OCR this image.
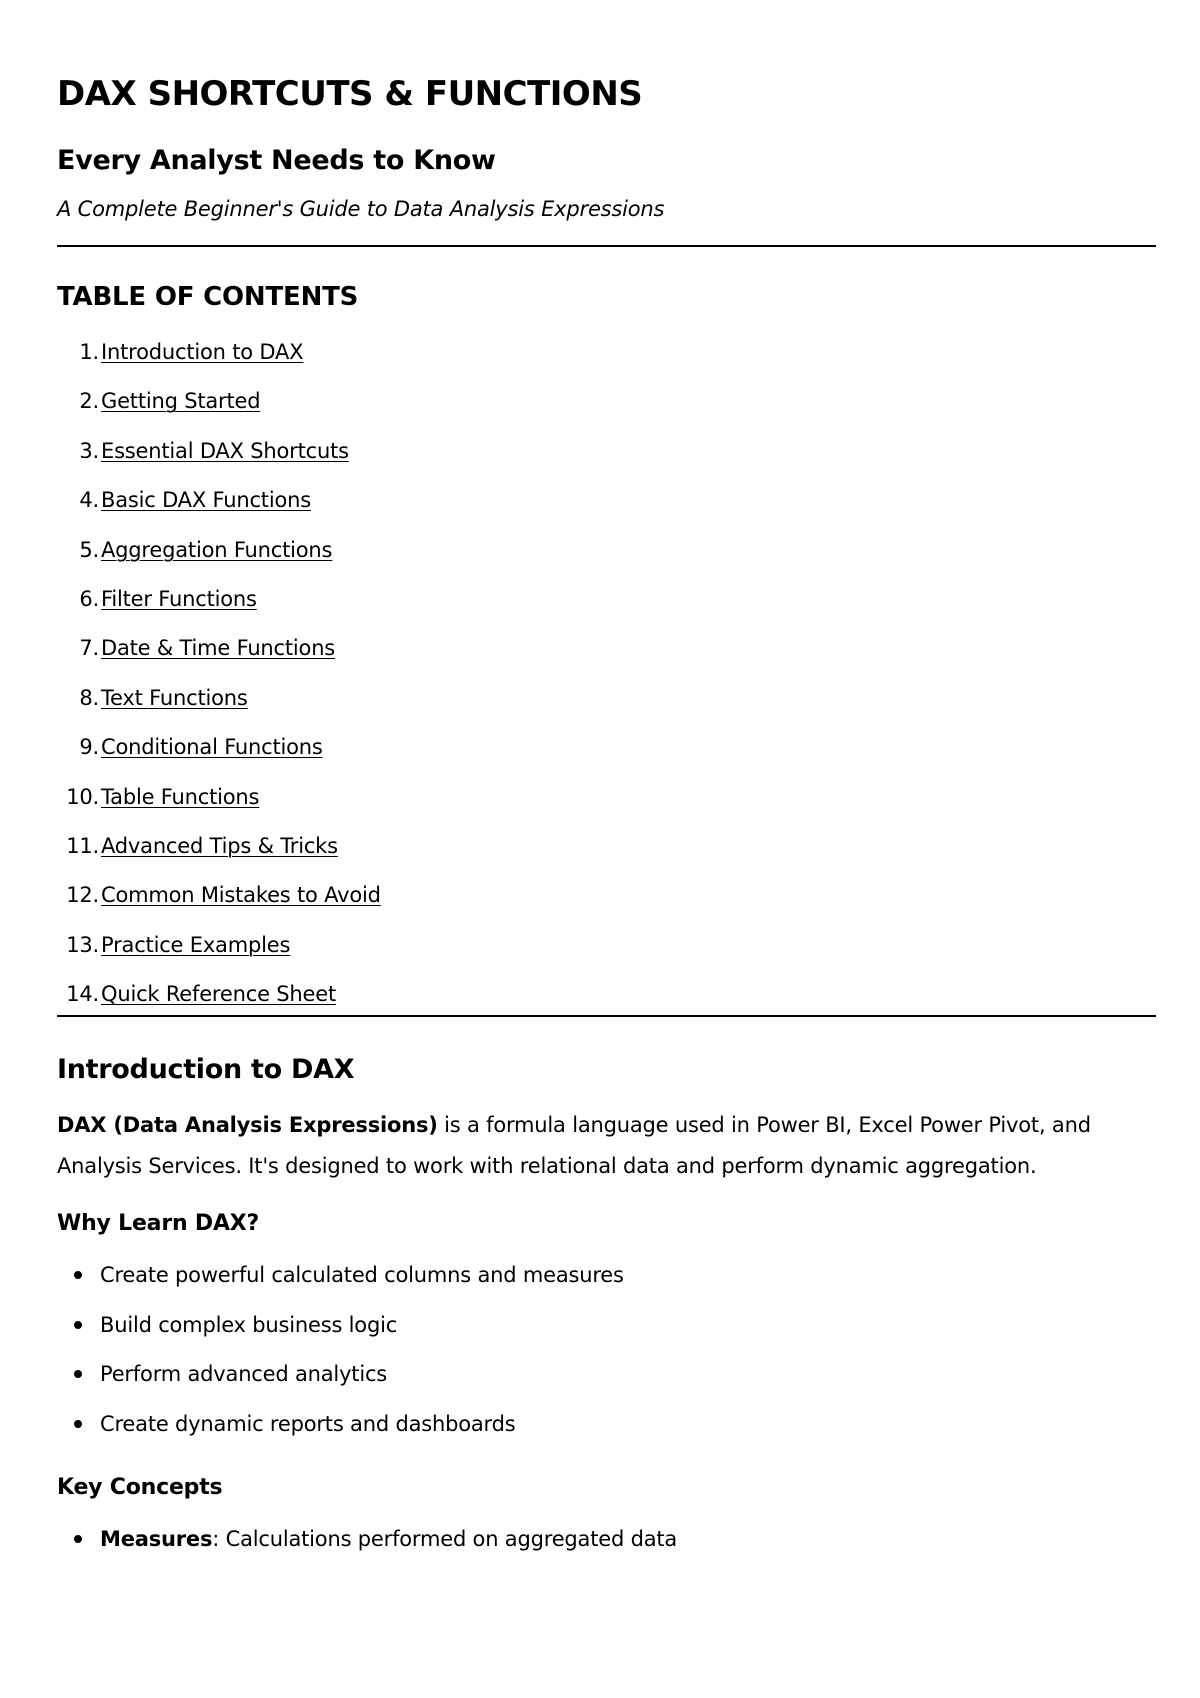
DAX SHORTCUTS & FUNCTIONS
Every Analyst Needs to Know
A Complete Beginner's Guide to Data Analysis Expressions
TABLE OF CONTENTS
1. Introduction to DAX
2. Getting Started
3. Essential DAX Shortcuts
4. Basic DAX Functions
5. Aggregation Functions
6. Filter Functions
7. Date & Time Functions
8. Text Functions
9. Conditional Functions
10. Table Functions
11. Advanced Tips & Tricks
12. Common Mistakes to Avoid
13. Practice Examples
14. Quick Reference Sheet
Introduction to DAX

DAX (Data Analysis Expressions) is a formula language used in Power BI, Excel Power Pivot, and Analysis Services. It's designed to work with relational data and perform dynamic aggregation.

Why Learn DAX?
Create powerful calculated columns and measures
Build complex business logic
Perform advanced analytics
Create dynamic reports and dashboards
Key Concepts
Measures: Calculations performed on aggregated data
